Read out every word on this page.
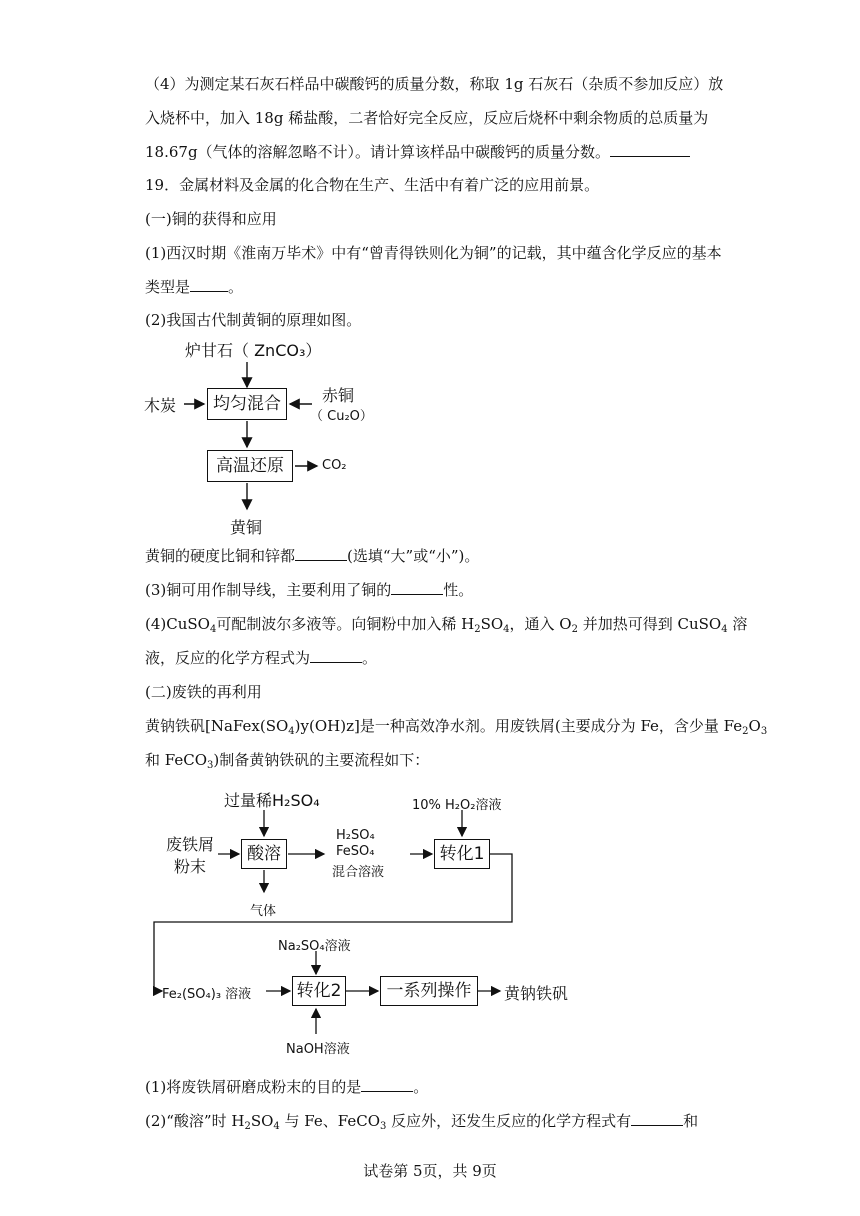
（4）为测定某石灰石样品中碳酸钙的质量分数，称取 1g 石灰石（杂质不参加反应）放
入烧杯中，加入 18g 稀盐酸，二者恰好完全反应，反应后烧杯中剩余物质的总质量为
18.67g（气体的溶解忽略不计）。请计算该样品中碳酸钙的质量分数。
19．金属材料及金属的化合物在生产、生活中有着广泛的应用前景。
(一)铜的获得和应用
(1)西汉时期《淮南万毕术》中有“曾青得铁则化为铜”的记载，其中蕴含化学反应的基本
类型是	。
(2)我国古代制黄铜的原理如图。
炉甘石（ ZnCO₃）
木炭	均匀混合	赤铜
（ Cu₂O）
高温还原	CO₂
黄铜
黄铜的硬度比铜和锌都	(选填“大”或“小”)。
(3)铜可用作制导线，主要利用了铜的	性。
(4)CuSO$_4$可配制波尔多液等。向铜粉中加入稀 $H_2SO_4$，通入 $O_2$ 并加热可得到 CuSO$_4$ 溶
液，反应的化学方程式为	。
(二)废铁的再利用
黄钠铁矾$[NaFex(SO_4)y(OH)z]$是一种高效净水剂。用废铁屑(主要成分为 Fe，含少量 $Fe_2O_3$
和 FeCO$_3$)制备黄钠铁矾的主要流程如下：
过量稀H₂SO₄
废铁屑
粉末
酸溶
气体
H₂SO₄
FeSO₄
混合溶液
10% H₂O₂溶液
转化1
Fe₂(SO₄)₃ 溶液
Na₂SO₄溶液
转化2
NaOH溶液
一系列操作	黄钠铁矾
(1)将废铁屑研磨成粉末的目的是	。
(2)“酸溶”时 $H_2SO_4$ 与 Fe、FeCO$_3$ 反应外，还发生反应的化学方程式有	和
试卷第 5页，共 9页
